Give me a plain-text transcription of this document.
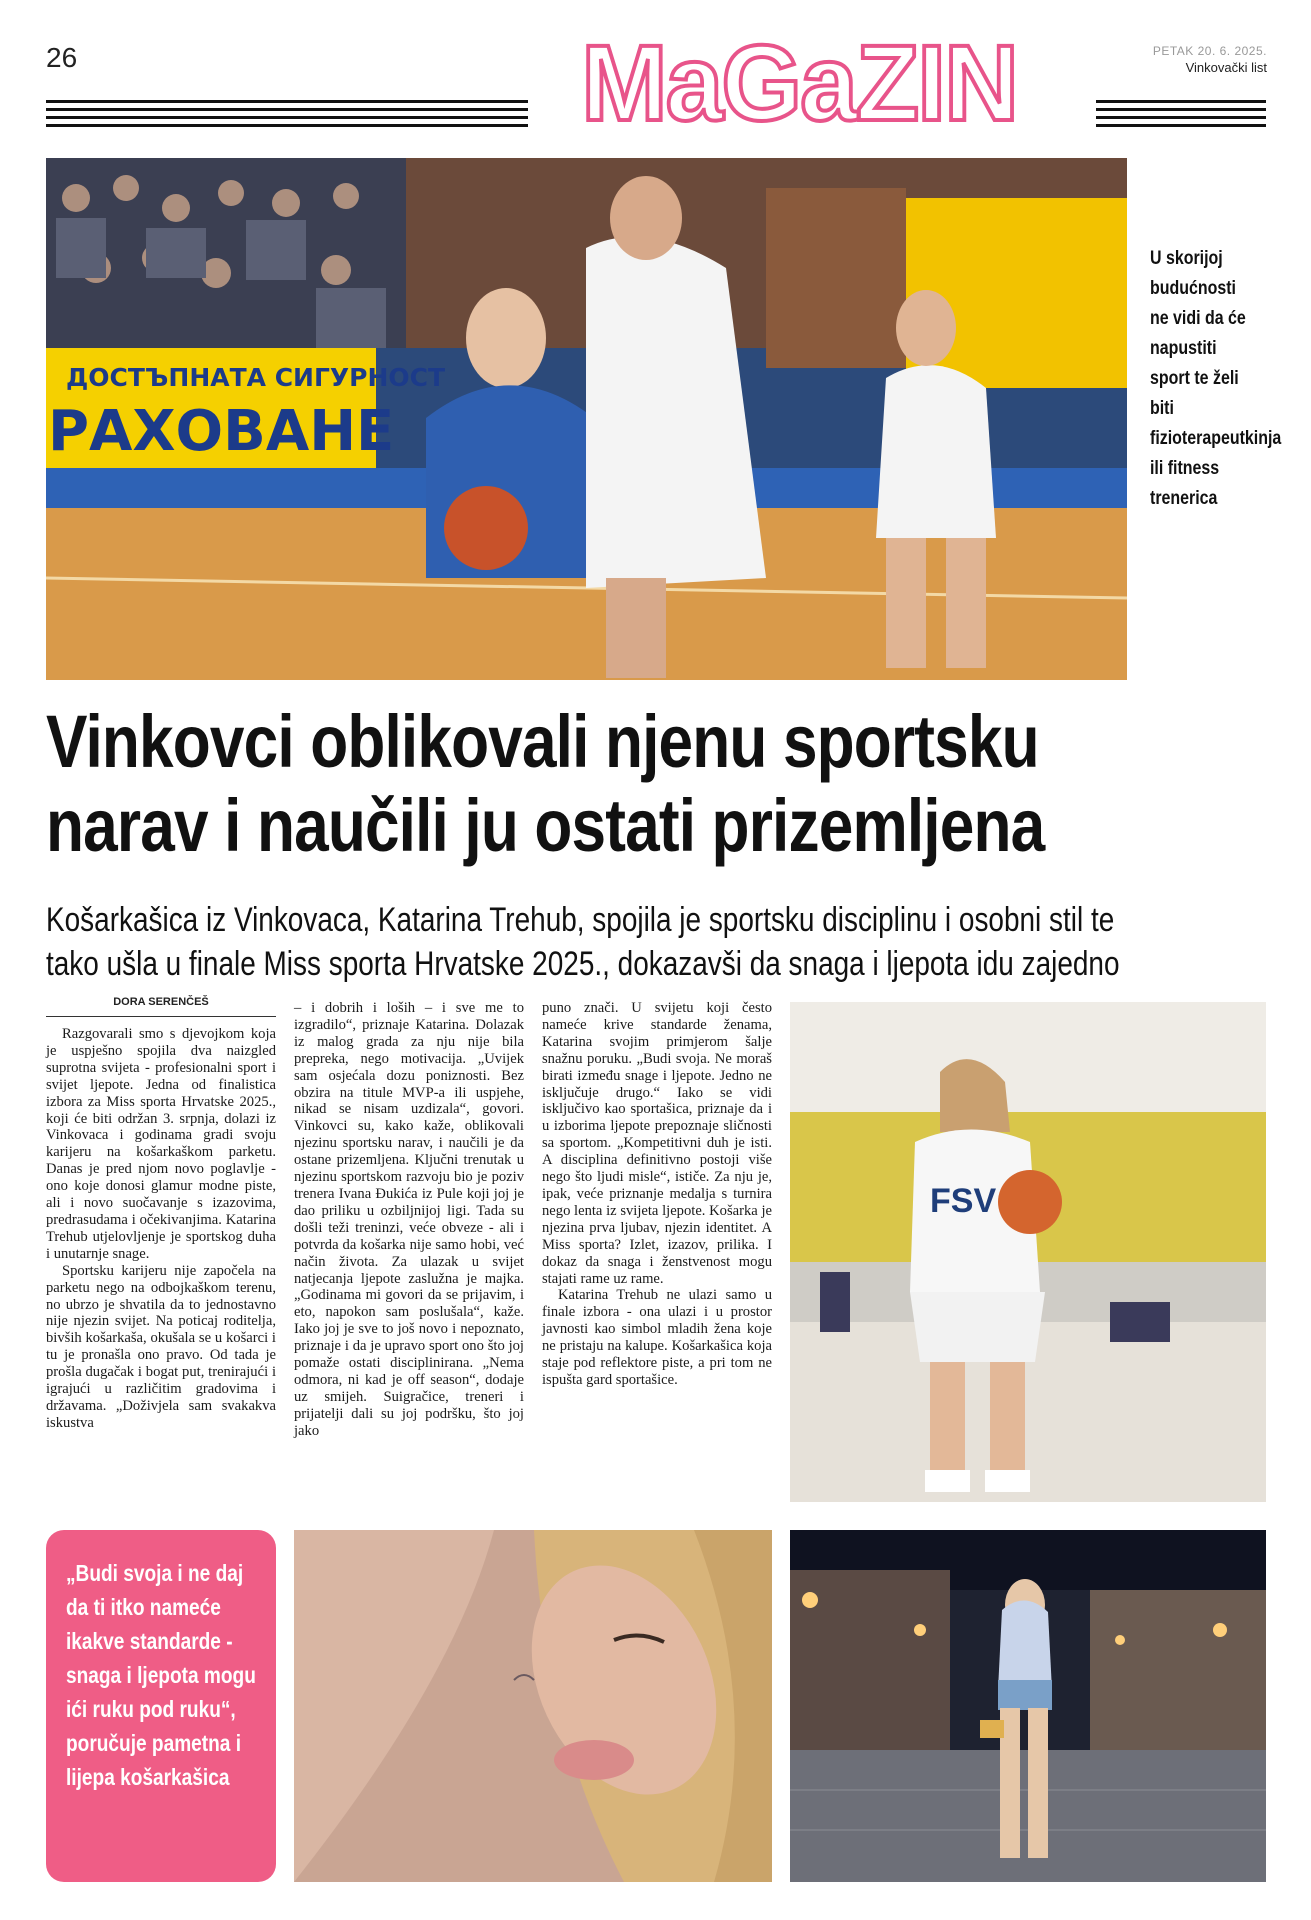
26	MaGaZIN	PETAK 20. 6. 2025.
Vinkovački list
ДОСТЪПНАТА СИГУРНОСТ
РАХОВАНЕ
U skorijoj budućnosti ne vidi da će napustiti sport te želi biti fizioterapeutkinja ili fitness trenerica
Vinkovci oblikovali njenu sportsku
narav i naučili ju ostati prizemljena
Košarkašica iz Vinkovaca, Katarina Trehub, spojila je sportsku disciplinu i osobni stil te
tako ušla u finale Miss sporta Hrvatske 2025., dokazavši da snaga i ljepota idu zajedno
DORA SERENČEŠ

Razgovarali smo s djevojkom koja je uspješno spojila dva naizgled suprotna svijeta - profesionalni sport i svijet ljepote. Jedna od finalistica izbora za Miss sporta Hrvatske 2025., koji će biti održan 3. srpnja, dolazi iz Vinkovaca i godinama gradi svoju karijeru na košarkaškom parketu. Danas je pred njom novo poglavlje - ono koje donosi glamur modne piste, ali i novo suočavanje s izazovima, predrasudama i očekivanjima. Katarina Trehub utjelovljenje je sportskog duha i unutarnje snage.

Sportsku karijeru nije započela na parketu nego na odbojkaškom terenu, no ubrzo je shvatila da to jednostavno nije njezin svijet. Na poticaj roditelja, bivših košarkaša, okušala se u košarci i tu je pronašla ono pravo. Od tada je prošla dugačak i bogat put, trenirajući i igrajući u različitim gradovima i državama. „Doživjela sam svakakva iskustva

– i dobrih i loših – i sve me to izgradilo“, priznaje Katarina. Dolazak iz malog grada za nju nije bila prepreka, nego motivacija. „Uvijek sam osjećala dozu poniznosti. Bez obzira na titule MVP-a ili uspjehe, nikad se nisam uzdizala“, govori. Vinkovci su, kako kaže, oblikovali njezinu sportsku narav, i naučili je da ostane prizemljena. Ključni trenutak u njezinu sportskom razvoju bio je poziv trenera Ivana Đukića iz Pule koji joj je dao priliku u ozbiljnijoj ligi. Tada su došli teži treninzi, veće obveze - ali i potvrda da košarka nije samo hobi, već način života. Za ulazak u svijet natjecanja ljepote zaslužna je majka. „Godinama mi govori da se prijavim, i eto, napokon sam poslušala“, kaže. Iako joj je sve to još novo i nepoznato, priznaje i da je upravo sport ono što joj pomaže ostati disciplinirana. „Nema odmora, ni kad je off season“, dodaje uz smijeh. Suigračice, treneri i prijatelji dali su joj podršku, što joj jako

puno znači. U svijetu koji često nameće krive standarde ženama, Katarina svojim primjerom šalje snažnu poruku. „Budi svoja. Ne moraš birati između snage i ljepote. Jedno ne isključuje drugo.“ Iako se vidi isključivo kao sportašica, priznaje da i u izborima ljepote prepoznaje sličnosti sa sportom. „Kompetitivni duh je isti. A disciplina definitivno postoji više nego što ljudi misle“, ističe. Za nju je, ipak, veće priznanje medalja s turnira nego lenta iz svijeta ljepote. Košarka je njezina prva ljubav, njezin identitet. A Miss sporta? Izlet, izazov, prilika. I dokaz da snaga i ženstvenost mogu stajati rame uz rame.

Katarina Trehub ne ulazi samo u finale izbora - ona ulazi i u prostor javnosti kao simbol mladih žena koje ne pristaju na kalupe. Košarkašica koja staje pod reflektore piste, a pri tom ne ispušta gard sportašice.

FSV
„Budi svoja i ne daj da ti itko nameće ikakve standarde - snaga i ljepota mogu ići ruku pod ruku“, poručuje pametna i lijepa košarkašica
